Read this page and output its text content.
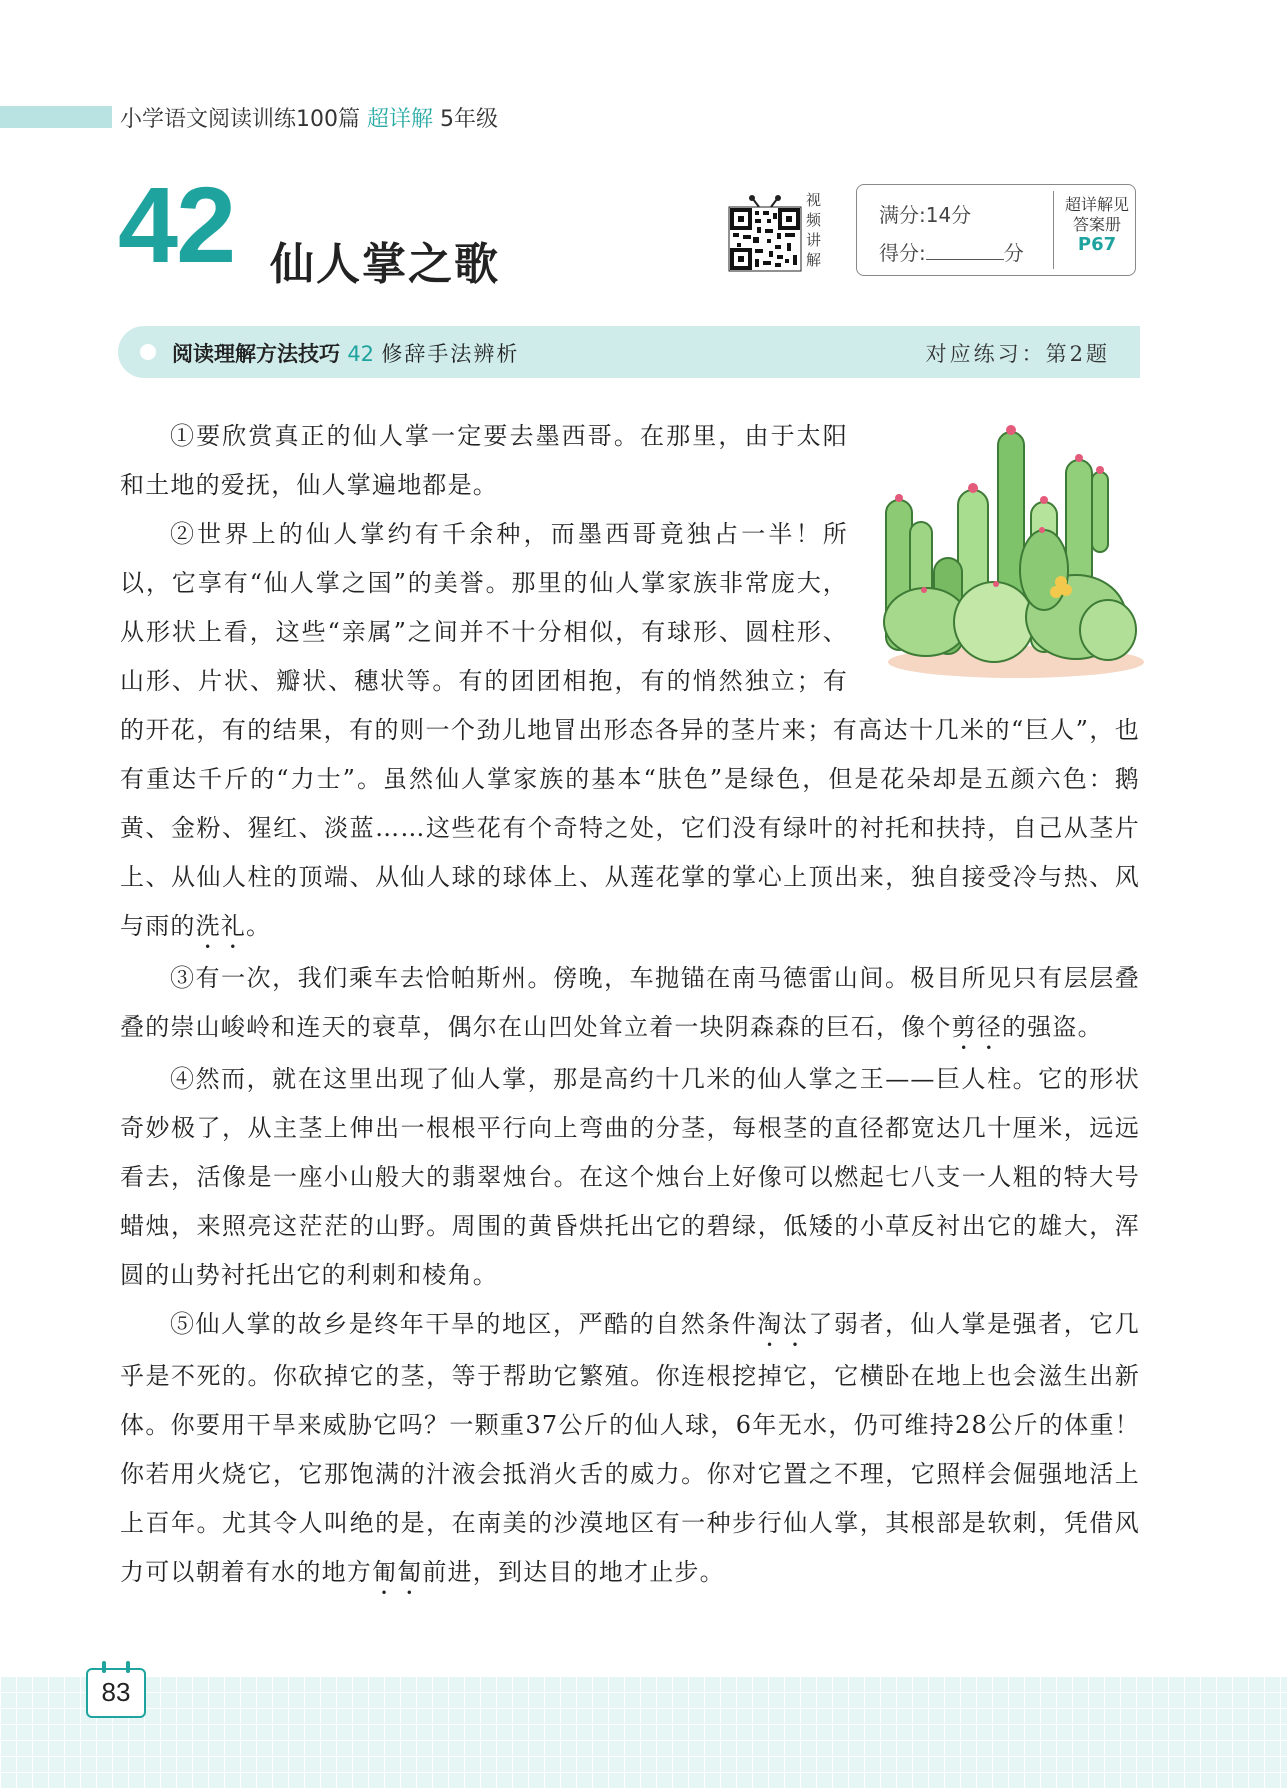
小学语文阅读训练100篇 超详解 5年级
42 仙人掌之歌
视频讲解
满分:14分
得分:	分
超详解见
答案册
P67
阅读理解方法技巧 42 修辞手法辨析	对应练习：第2题

①要欣赏真正的仙人掌一定要去墨西哥。在那里，由于太阳和土地的爱抚，仙人掌遍地都是。

②世界上的仙人掌约有千余种，而墨西哥竟独占一半！所以，它享有“仙人掌之国”的美誉。那里的仙人掌家族非常庞大，从形状上看，这些“亲属”之间并不十分相似，有球形、圆柱形、山形、片状、瓣状、穗状等。有的团团相抱，有的悄然独立；有的开花，有的结果，有的则一个劲儿地冒出形态各异的茎片来；有高达十几米的“巨人”，也有重达千斤的“力士”。虽然仙人掌家族的基本“肤色”是绿色，但是花朵却是五颜六色：鹅黄、金粉、猩红、淡蓝……这些花有个奇特之处，它们没有绿叶的衬托和扶持，自己从茎片上、从仙人柱的顶端、从仙人球的球体上、从莲花掌的掌心上顶出来，独自接受冷与热、风与雨的洗礼。

③有一次，我们乘车去恰帕斯州。傍晚，车抛锚在南马德雷山间。极目所见只有层层叠叠的崇山峻岭和连天的衰草，偶尔在山凹处耸立着一块阴森森的巨石，像个剪径的强盗。

④然而，就在这里出现了仙人掌，那是高约十几米的仙人掌之王——巨人柱。它的形状奇妙极了，从主茎上伸出一根根平行向上弯曲的分茎，每根茎的直径都宽达几十厘米，远远看去，活像是一座小山般大的翡翠烛台。在这个烛台上好像可以燃起七八支一人粗的特大号蜡烛，来照亮这茫茫的山野。周围的黄昏烘托出它的碧绿，低矮的小草反衬出它的雄大，浑圆的山势衬托出它的利刺和棱角。

⑤仙人掌的故乡是终年干旱的地区，严酷的自然条件淘汰了弱者，仙人掌是强者，它几乎是不死的。你砍掉它的茎，等于帮助它繁殖。你连根挖掉它，它横卧在地上也会滋生出新体。你要用干旱来威胁它吗？一颗重37公斤的仙人球，6年无水，仍可维持28公斤的体重！你若用火烧它，它那饱满的汁液会抵消火舌的威力。你对它置之不理，它照样会倔强地活上上百年。尤其令人叫绝的是，在南美的沙漠地区有一种步行仙人掌，其根部是软刺，凭借风力可以朝着有水的地方匍匐前进，到达目的地才止步。

83
